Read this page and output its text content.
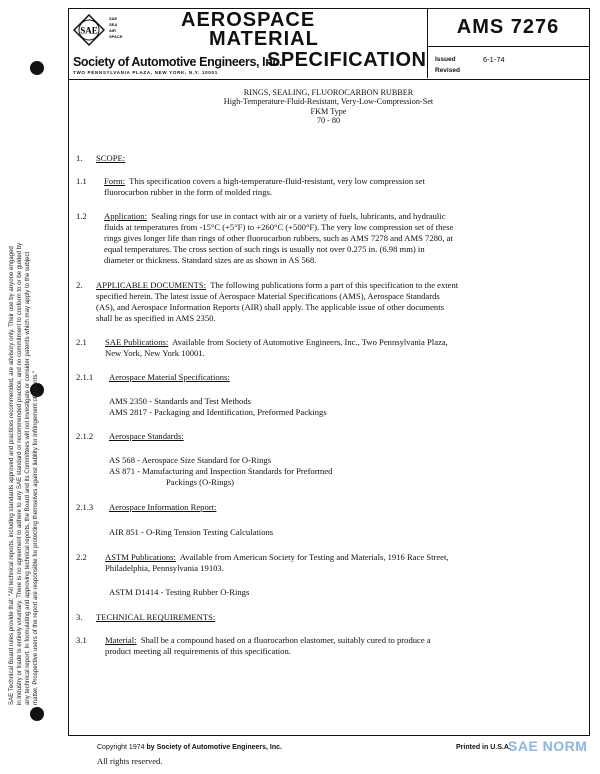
SAE Technical Board rules provide that: "All technical reports, including standards approved and practices recommended, are advisory only. Their use by anyone engaged in industry or trade is entirely voluntary. There is no agreement to adhere to any SAE standard or recommended practice, and no commitment to conform to or be guided by any technical report. In formulating and approving technical reports, the Board and its Committees will not investigate or consider patents which may apply to the subject matter. Prospective users of the report are responsible for protecting themselves against liability for infringement of patents."
SAE
SAE
SEA
AIR
SPACE
Society of Automotive Engineers, Inc.
TWO PENNSYLVANIA PLAZA, NEW YORK, N.Y. 10001
AEROSPACE
MATERIAL
SPECIFICATION
AMS 7276
Issued	6-1-74
Revised
RINGS, SEALING, FLUOROCARBON RUBBER
High-Temperature-Fluid-Resistant, Very-Low-Compression-Set
FKM Type
70 - 80
1. SCOPE:
1.1 Form: This specification covers a high-temperature-fluid-resistant, very low compression set
fluorocarbon rubber in the form of molded rings.
1.2 Application: Sealing rings for use in contact with air or a variety of fuels, lubricants, and hydraulic
fluids at temperatures from -15°C (+5°F) to +260°C (+500°F). The very low compression set of these
rings gives longer life than rings of other fluorocarbon rubbers, such as AMS 7278 and AMS 7280, at
equal temperatures. The cross section of such rings is usually not over 0.275 in. (6.98 mm) in
diameter or thickness. Standard sizes are as shown in AS 568.
2. APPLICABLE DOCUMENTS: The following publications form a part of this specification to the extent
specified herein. The latest issue of Aerospace Material Specifications (AMS), Aerospace Standards
(AS), and Aerospace Information Reports (AIR) shall apply. The applicable issue of other documents
shall be as specified in AMS 2350.
2.1 SAE Publications: Available from Society of Automotive Engineers, Inc., Two Pennsylvania Plaza,
New York, New York 10001.
2.1.1 Aerospace Material Specifications:
AMS 2350 - Standards and Test Methods
AMS 2817 - Packaging and Identification, Preformed Packings
2.1.2 Aerospace Standards:
AS 568 - Aerospace Size Standard for O-Rings
AS 871 - Manufacturing and Inspection Standards for Preformed
Packings (O-Rings)
2.1.3 Aerospace Information Report:
AIR 851 - O-Ring Tension Testing Calculations
2.2 ASTM Publications: Available from American Society for Testing and Materials, 1916 Race Street,
Philadelphia, Pennsylvania 19103.
ASTM D1414 - Testing Rubber O-Rings
3. TECHNICAL REQUIREMENTS:
3.1 Material: Shall be a compound based on a fluorocarbon elastomer, suitably cured to produce a
product meeting all requirements of this specification.
Copyright 1974 by Society of Automotive Engineers, Inc.
All rights reserved.
Printed in U.S.A.
SAE NORM
